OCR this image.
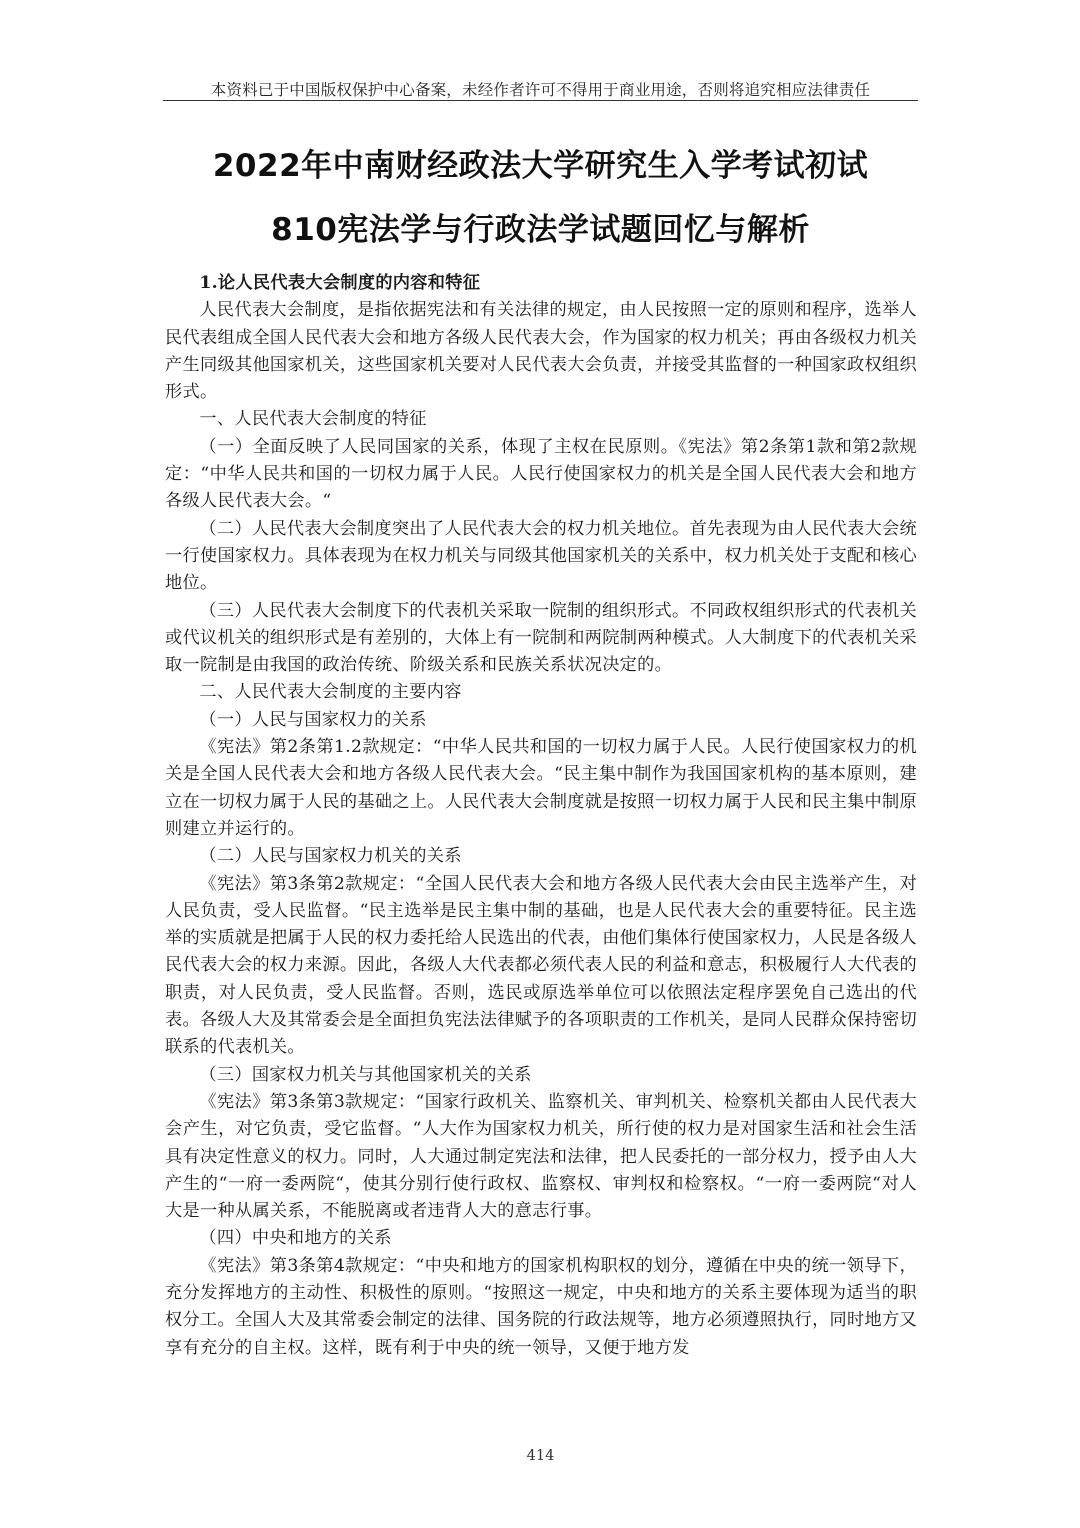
本资料已于中国版权保护中心备案，未经作者许可不得用于商业用途，否则将追究相应法律责任
2022年中南财经政法大学研究生入学考试初试
810宪法学与行政法学试题回忆与解析

1.论人民代表大会制度的内容和特征

人民代表大会制度，是指依据宪法和有关法律的规定，由人民按照一定的原则和程序，选举人民代表组成全国人民代表大会和地方各级人民代表大会，作为国家的权力机关；再由各级权力机关产生同级其他国家机关，这些国家机关要对人民代表大会负责，并接受其监督的一种国家政权组织形式。

一、人民代表大会制度的特征

（一）全面反映了人民同国家的关系，体现了主权在民原则。《宪法》第2条第1款和第2款规定：“中华人民共和国的一切权力属于人民。人民行使国家权力的机关是全国人民代表大会和地方各级人民代表大会。“

（二）人民代表大会制度突出了人民代表大会的权力机关地位。首先表现为由人民代表大会统一行使国家权力。具体表现为在权力机关与同级其他国家机关的关系中，权力机关处于支配和核心地位。

（三）人民代表大会制度下的代表机关采取一院制的组织形式。不同政权组织形式的代表机关或代议机关的组织形式是有差别的，大体上有一院制和两院制两种模式。人大制度下的代表机关采取一院制是由我国的政治传统、阶级关系和民族关系状况决定的。

二、人民代表大会制度的主要内容

（一）人民与国家权力的关系

《宪法》第2条第1.2款规定：“中华人民共和国的一切权力属于人民。人民行使国家权力的机关是全国人民代表大会和地方各级人民代表大会。“民主集中制作为我国国家机构的基本原则，建立在一切权力属于人民的基础之上。人民代表大会制度就是按照一切权力属于人民和民主集中制原则建立并运行的。

（二）人民与国家权力机关的关系

《宪法》第3条第2款规定：“全国人民代表大会和地方各级人民代表大会由民主选举产生，对人民负责，受人民监督。“民主选举是民主集中制的基础，也是人民代表大会的重要特征。民主选举的实质就是把属于人民的权力委托给人民选出的代表，由他们集体行使国家权力，人民是各级人民代表大会的权力来源。因此，各级人大代表都必须代表人民的利益和意志，积极履行人大代表的职责，对人民负责，受人民监督。否则，选民或原选举单位可以依照法定程序罢免自己选出的代表。各级人大及其常委会是全面担负宪法法律赋予的各项职责的工作机关，是同人民群众保持密切联系的代表机关。

（三）国家权力机关与其他国家机关的关系

《宪法》第3条第3款规定：“国家行政机关、监察机关、审判机关、检察机关都由人民代表大会产生，对它负责，受它监督。“人大作为国家权力机关，所行使的权力是对国家生活和社会生活具有决定性意义的权力。同时，人大通过制定宪法和法律，把人民委托的一部分权力，授予由人大产生的“一府一委两院“，使其分别行使行政权、监察权、审判权和检察权。“一府一委两院“对人大是一种从属关系，不能脱离或者违背人大的意志行事。

（四）中央和地方的关系

《宪法》第3条第4款规定：“中央和地方的国家机构职权的划分，遵循在中央的统一领导下，充分发挥地方的主动性、积极性的原则。“按照这一规定，中央和地方的关系主要体现为适当的职权分工。全国人大及其常委会制定的法律、国务院的行政法规等，地方必须遵照执行，同时地方又享有充分的自主权。这样，既有利于中央的统一领导，又便于地方发

414
